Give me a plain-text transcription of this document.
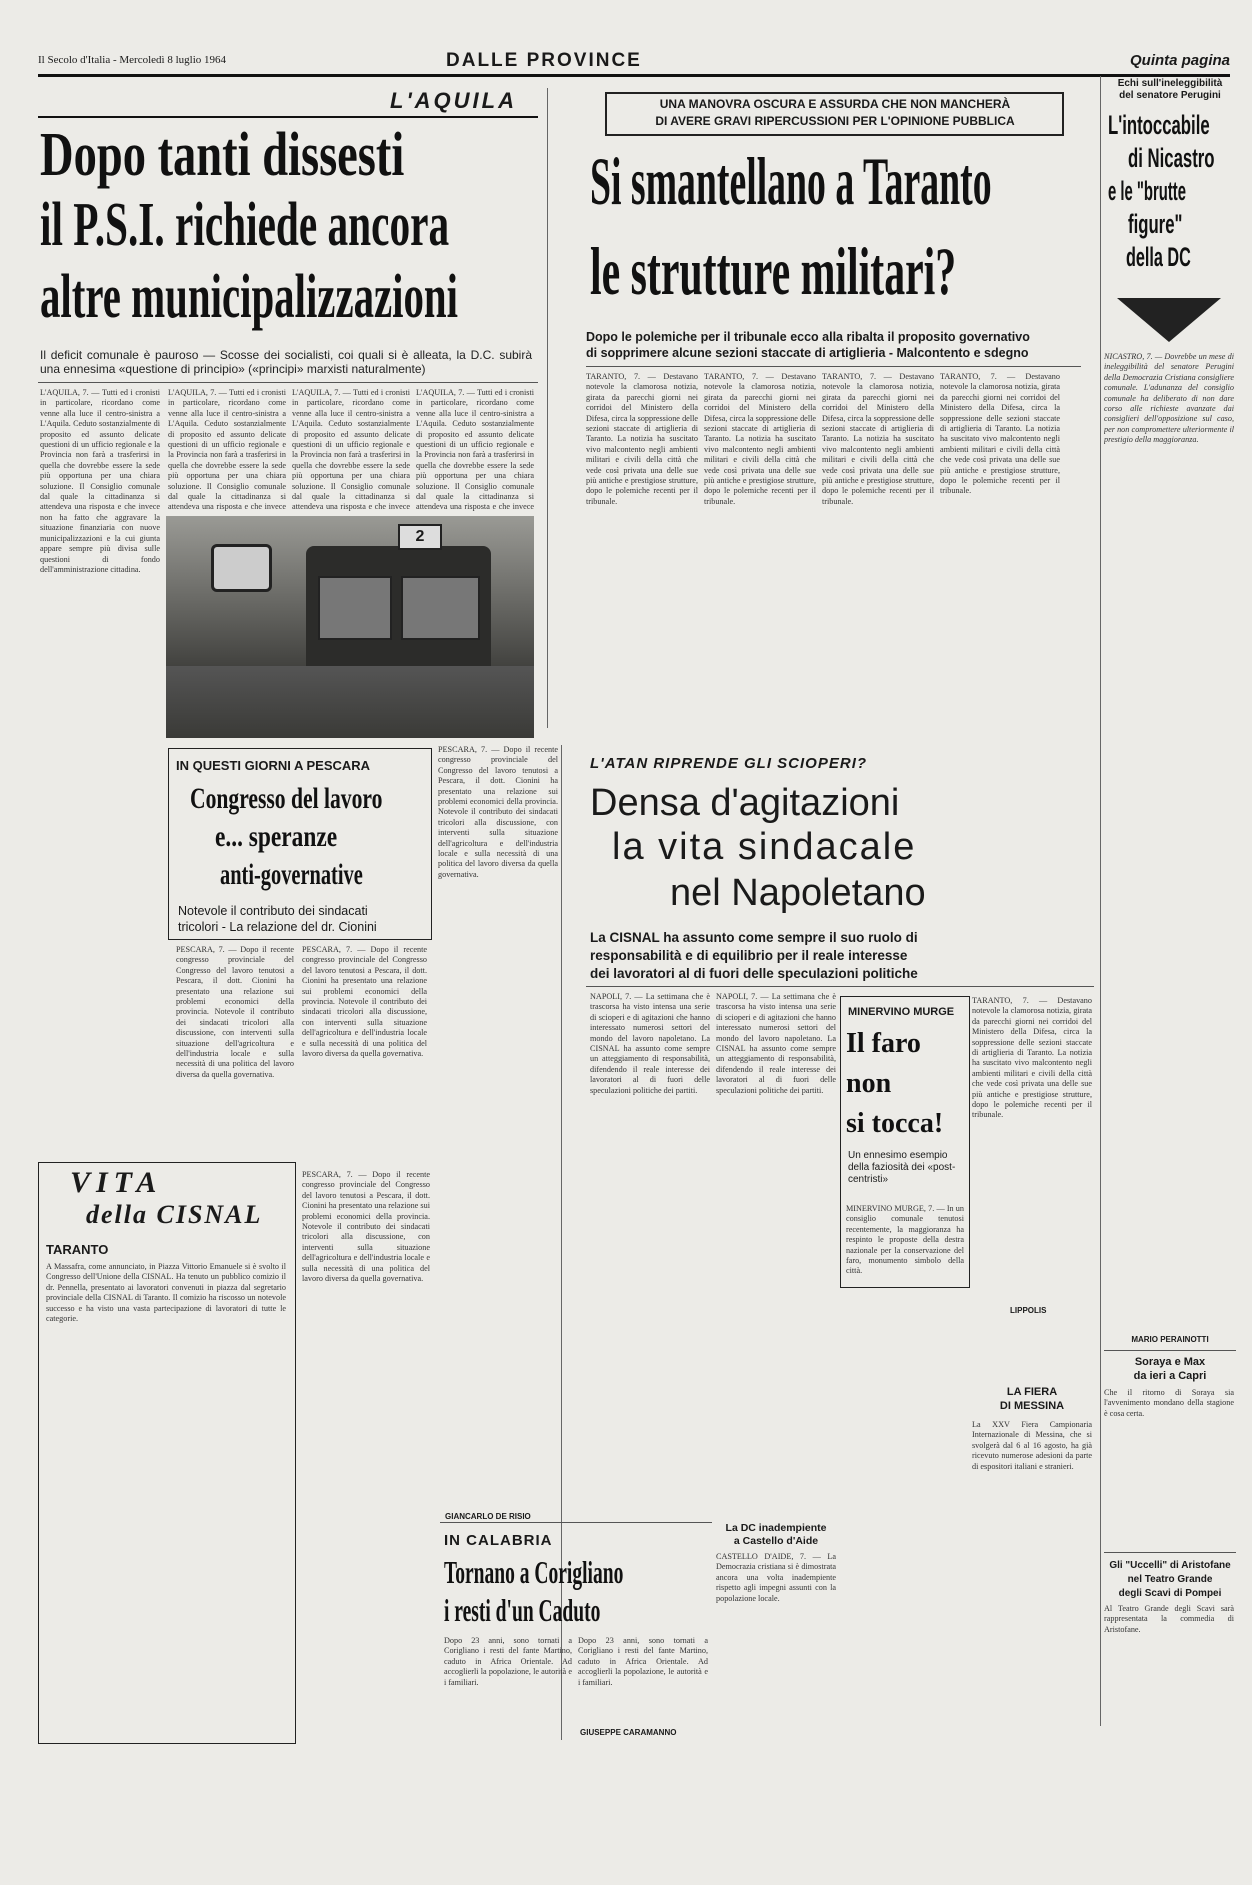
Il Secolo d'Italia - Mercoledì 8 luglio 1964	DALLE PROVINCE	Quinta pagina
L'AQUILA
Dopo tanti dissesti
il P.S.I. richiede ancora
altre municipalizzazioni
Il deficit comunale è pauroso — Scosse dei socialisti, coi quali si è alleata, la D.C. subirà una ennesima «questione di principio» («principi» marxisti naturalmente)
L'AQUILA, 7. — Tutti ed i cronisti in particolare, ricordano come venne alla luce il centro-sinistra a L'Aquila. Ceduto sostanzialmente di proposito ed assunto delicate questioni di un ufficio regionale e la Provincia non farà a trasferirsi in quella che dovrebbe essere la sede più opportuna per una chiara soluzione. Il Consiglio comunale dal quale la cittadinanza si attendeva una risposta e che invece non ha fatto che aggravare la situazione finanziaria con nuove municipalizzazioni e la cui giunta appare sempre più divisa sulle questioni di fondo dell'amministrazione cittadina.
L'AQUILA, 7. — Tutti ed i cronisti in particolare, ricordano come venne alla luce il centro-sinistra a L'Aquila. Ceduto sostanzialmente di proposito ed assunto delicate questioni di un ufficio regionale e la Provincia non farà a trasferirsi in quella che dovrebbe essere la sede più opportuna per una chiara soluzione. Il Consiglio comunale dal quale la cittadinanza si attendeva una risposta e che invece
L'AQUILA, 7. — Tutti ed i cronisti in particolare, ricordano come venne alla luce il centro-sinistra a L'Aquila. Ceduto sostanzialmente di proposito ed assunto delicate questioni di un ufficio regionale e la Provincia non farà a trasferirsi in quella che dovrebbe essere la sede più opportuna per una chiara soluzione. Il Consiglio comunale dal quale la cittadinanza si attendeva una risposta e che invece
L'AQUILA, 7. — Tutti ed i cronisti in particolare, ricordano come venne alla luce il centro-sinistra a L'Aquila. Ceduto sostanzialmente di proposito ed assunto delicate questioni di un ufficio regionale e la Provincia non farà a trasferirsi in quella che dovrebbe essere la sede più opportuna per una chiara soluzione. Il Consiglio comunale dal quale la cittadinanza si attendeva una risposta e che invece
2
UNA MANOVRA OSCURA E ASSURDA CHE NON MANCHERÀ
DI AVERE GRAVI RIPERCUSSIONI PER L'OPINIONE PUBBLICA
Si smantellano a Taranto
le strutture militari?
Dopo le polemiche per il tribunale ecco alla ribalta il proposito governativo
di sopprimere alcune sezioni staccate di artiglieria - Malcontento e sdegno
TARANTO, 7. — Destavano notevole la clamorosa notizia, girata da parecchi giorni nei corridoi del Ministero della Difesa, circa la soppressione delle sezioni staccate di artiglieria di Taranto. La notizia ha suscitato vivo malcontento negli ambienti militari e civili della città che vede così privata una delle sue più antiche e prestigiose strutture, dopo le polemiche recenti per il tribunale.
TARANTO, 7. — Destavano notevole la clamorosa notizia, girata da parecchi giorni nei corridoi del Ministero della Difesa, circa la soppressione delle sezioni staccate di artiglieria di Taranto. La notizia ha suscitato vivo malcontento negli ambienti militari e civili della città che vede così privata una delle sue più antiche e prestigiose strutture, dopo le polemiche recenti per il tribunale.
TARANTO, 7. — Destavano notevole la clamorosa notizia, girata da parecchi giorni nei corridoi del Ministero della Difesa, circa la soppressione delle sezioni staccate di artiglieria di Taranto. La notizia ha suscitato vivo malcontento negli ambienti militari e civili della città che vede così privata una delle sue più antiche e prestigiose strutture, dopo le polemiche recenti per il tribunale.
TARANTO, 7. — Destavano notevole la clamorosa notizia, girata da parecchi giorni nei corridoi del Ministero della Difesa, circa la soppressione delle sezioni staccate di artiglieria di Taranto. La notizia ha suscitato vivo malcontento negli ambienti militari e civili della città che vede così privata una delle sue più antiche e prestigiose strutture, dopo le polemiche recenti per il tribunale.
Echi sull'ineleggibilità
del senatore Perugini
L'intoccabile
di Nicastro
e le "brutte
figure"
della DC
NICASTRO, 7. — Dovrebbe un mese di ineleggibilità del senatore Perugini della Democrazia Cristiana consigliere comunale. L'adunanza del consiglio comunale ha deliberato di non dare corso alle richieste avanzate dai consiglieri dell'opposizione sul caso, per non compromettere ulteriormente il prestigio della maggioranza.
MARIO PERAINOTTI
Soraya e Max
da ieri a Capri
Che il ritorno di Soraya sia l'avvenimento mondano della stagione è cosa certa.
Gli "Uccelli" di Aristofane
nel Teatro Grande
degli Scavi di Pompei
Al Teatro Grande degli Scavi sarà rappresentata la commedia di Aristofane.
IN QUESTI GIORNI A PESCARA
Congresso del lavoro
e... speranze
anti-governative
Notevole il contributo dei sindacati
tricolori - La relazione del dr. Cionini
PESCARA, 7. — Dopo il recente congresso provinciale del Congresso del lavoro tenutosi a Pescara, il dott. Cionini ha presentato una relazione sui problemi economici della provincia. Notevole il contributo dei sindacati tricolori alla discussione, con interventi sulla situazione dell'agricoltura e dell'industria locale e sulla necessità di una politica del lavoro diversa da quella governativa.
PESCARA, 7. — Dopo il recente congresso provinciale del Congresso del lavoro tenutosi a Pescara, il dott. Cionini ha presentato una relazione sui problemi economici della provincia. Notevole il contributo dei sindacati tricolori alla discussione, con interventi sulla situazione dell'agricoltura e dell'industria locale e sulla necessità di una politica del lavoro diversa da quella governativa.
PESCARA, 7. — Dopo il recente congresso provinciale del Congresso del lavoro tenutosi a Pescara, il dott. Cionini ha presentato una relazione sui problemi economici della provincia. Notevole il contributo dei sindacati tricolori alla discussione, con interventi sulla situazione dell'agricoltura e dell'industria locale e sulla necessità di una politica del lavoro diversa da quella governativa.
PESCARA, 7. — Dopo il recente congresso provinciale del Congresso del lavoro tenutosi a Pescara, il dott. Cionini ha presentato una relazione sui problemi economici della provincia. Notevole il contributo dei sindacati tricolori alla discussione, con interventi sulla situazione dell'agricoltura e dell'industria locale e sulla necessità di una politica del lavoro diversa da quella governativa.
GIANCARLO DE RISIO
VITA
della CISNAL
TARANTO
A Massafra, come annunciato, in Piazza Vittorio Emanuele si è svolto il Congresso dell'Unione della CISNAL. Ha tenuto un pubblico comizio il dr. Pennella, presentato ai lavoratori convenuti in piazza dal segretario provinciale della CISNAL di Taranto. Il comizio ha riscosso un notevole successo e ha visto una vasta partecipazione di lavoratori di tutte le categorie.
L'ATAN RIPRENDE GLI SCIOPERI?
Densa d'agitazioni
la vita sindacale
nel Napoletano
La CISNAL ha assunto come sempre il suo ruolo di
responsabilità e di equilibrio per il reale interesse
dei lavoratori al di fuori delle speculazioni politiche
NAPOLI, 7. — La settimana che è trascorsa ha visto intensa una serie di scioperi e di agitazioni che hanno interessato numerosi settori del mondo del lavoro napoletano. La CISNAL ha assunto come sempre un atteggiamento di responsabilità, difendendo il reale interesse dei lavoratori al di fuori delle speculazioni politiche dei partiti.
NAPOLI, 7. — La settimana che è trascorsa ha visto intensa una serie di scioperi e di agitazioni che hanno interessato numerosi settori del mondo del lavoro napoletano. La CISNAL ha assunto come sempre un atteggiamento di responsabilità, difendendo il reale interesse dei lavoratori al di fuori delle speculazioni politiche dei partiti.
MINERVINO MURGE
Il faro
non
si tocca!
Un ennesimo esempio della faziosità dei «post-centristi»
MINERVINO MURGE, 7. — In un consiglio comunale tenutosi recentemente, la maggioranza ha respinto le proposte della destra nazionale per la conservazione del faro, monumento simbolo della città.
LIPPOLIS
TARANTO, 7. — Destavano notevole la clamorosa notizia, girata da parecchi giorni nei corridoi del Ministero della Difesa, circa la soppressione delle sezioni staccate di artiglieria di Taranto. La notizia ha suscitato vivo malcontento negli ambienti militari e civili della città che vede così privata una delle sue più antiche e prestigiose strutture, dopo le polemiche recenti per il tribunale.
LA FIERA
DI MESSINA
La XXV Fiera Campionaria Internazionale di Messina, che si svolgerà dal 6 al 16 agosto, ha già ricevuto numerose adesioni da parte di espositori italiani e stranieri.
La DC inadempiente
a Castello d'Aide
CASTELLO D'AIDE, 7. — La Democrazia cristiana si è dimostrata ancora una volta inadempiente rispetto agli impegni assunti con la popolazione locale.
IN CALABRIA
Tornano a Corigliano
i resti d'un Caduto
Dopo 23 anni, sono tornati a Corigliano i resti del fante Martino, caduto in Africa Orientale. Ad accoglierli la popolazione, le autorità e i familiari.
Dopo 23 anni, sono tornati a Corigliano i resti del fante Martino, caduto in Africa Orientale. Ad accoglierli la popolazione, le autorità e i familiari.
GIUSEPPE CARAMANNO
